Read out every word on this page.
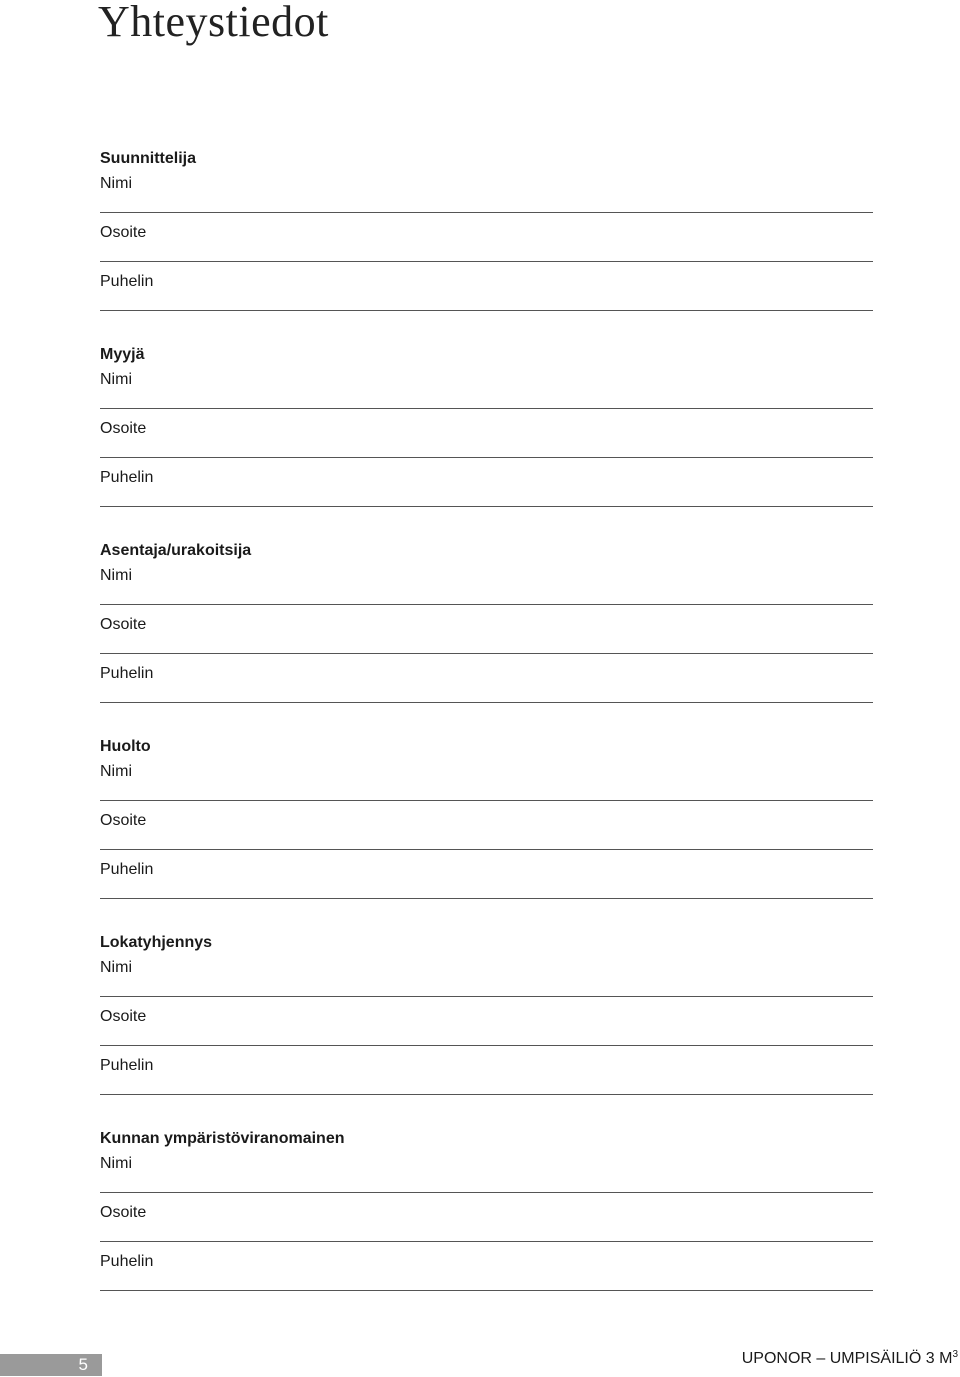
Yhteystiedot
Suunnittelija
Nimi
Osoite
Puhelin
Myyjä
Nimi
Osoite
Puhelin
Asentaja/urakoitsija
Nimi
Osoite
Puhelin
Huolto
Nimi
Osoite
Puhelin
Lokatyhjennys
Nimi
Osoite
Puhelin
Kunnan ympäristöviranomainen
Nimi
Osoite
Puhelin
5	UPONOR – UMPISÄILIÖ 3 $M^3$
